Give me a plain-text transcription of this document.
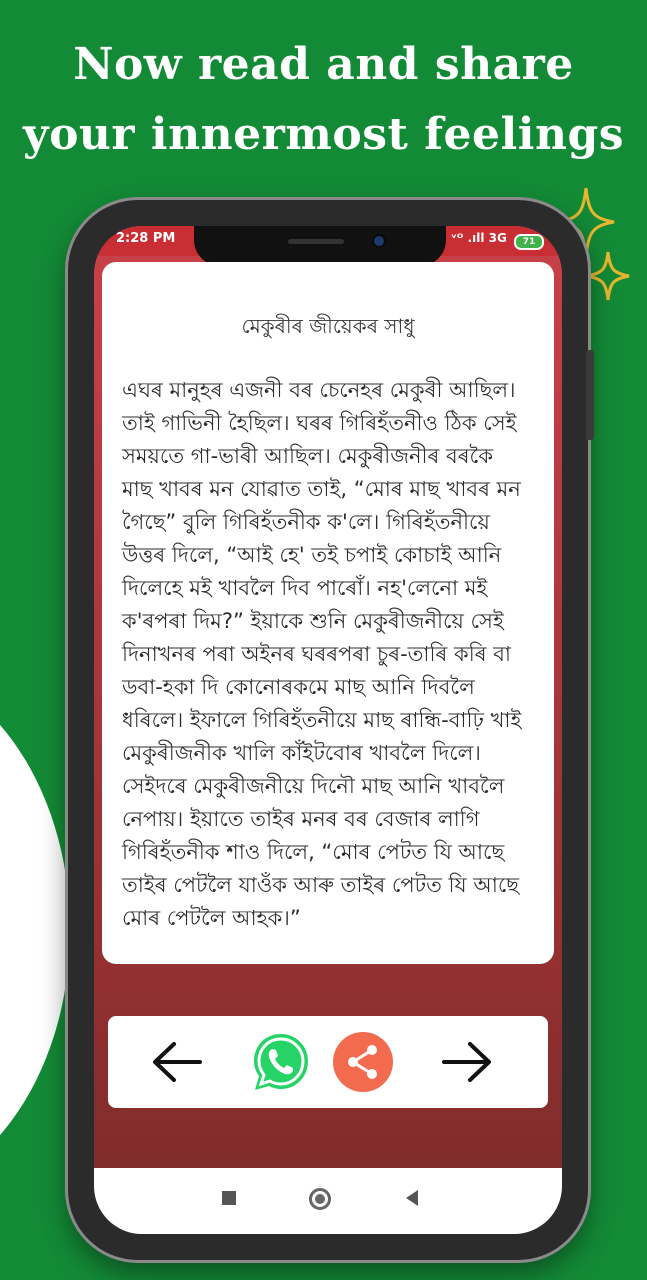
Now read and share
your innermost feelings
2:28 PM	ᵛᴼ .ıll 3G 71
মেকুৰীৰ জীয়েকৰ সাধু
এঘৰ মানুহৰ এজনী বৰ চেনেহৰ মেকুৰী আছিল। তাই গাভিনী হৈছিল। ঘৰৰ গিৰিহঁতনীও ঠিক সেই সময়তে গা-ভাৰী আছিল। মেকুৰীজনীৰ বৰকৈ মাছ খাবৰ মন যোৱাত তাই, “মোৰ মাছ খাবৰ মন গৈছে” বুলি গিৰিহঁতনীক ক'লে। গিৰিহঁতনীয়ে উত্তৰ দিলে, “আই হে' তই চপাই কোচাই আনি দিলেহে মই খাবলৈ দিব পাৰোঁ। নহ'লেনো মই ক'ৰপৰা দিম?” ইয়াকে শুনি মেকুৰীজনীয়ে সেই দিনাখনৰ পৰা অইনৰ ঘৰৰপৰা চুৰ-তাৰি কৰি বা ডবা-হকা দি কোনোৰকমে মাছ আনি দিবলৈ ধৰিলে। ইফালে গিৰিহঁতনীয়ে মাছ ৰান্ধি-বাঢ়ি খাই মেকুৰীজনীক খালি কাঁইটবোৰ খাবলৈ দিলে। সেইদৰে মেকুৰীজনীয়ে দিনৌ মাছ আনি খাবলৈ নেপায়। ইয়াতে তাইৰ মনৰ বৰ বেজাৰ লাগি গিৰিহঁতনীক শাও দিলে, “মোৰ পেটত যি আছে তাইৰ পেটলৈ যাওঁক আৰু তাইৰ পেটত যি আছে মোৰ পেটলৈ আহক।”
